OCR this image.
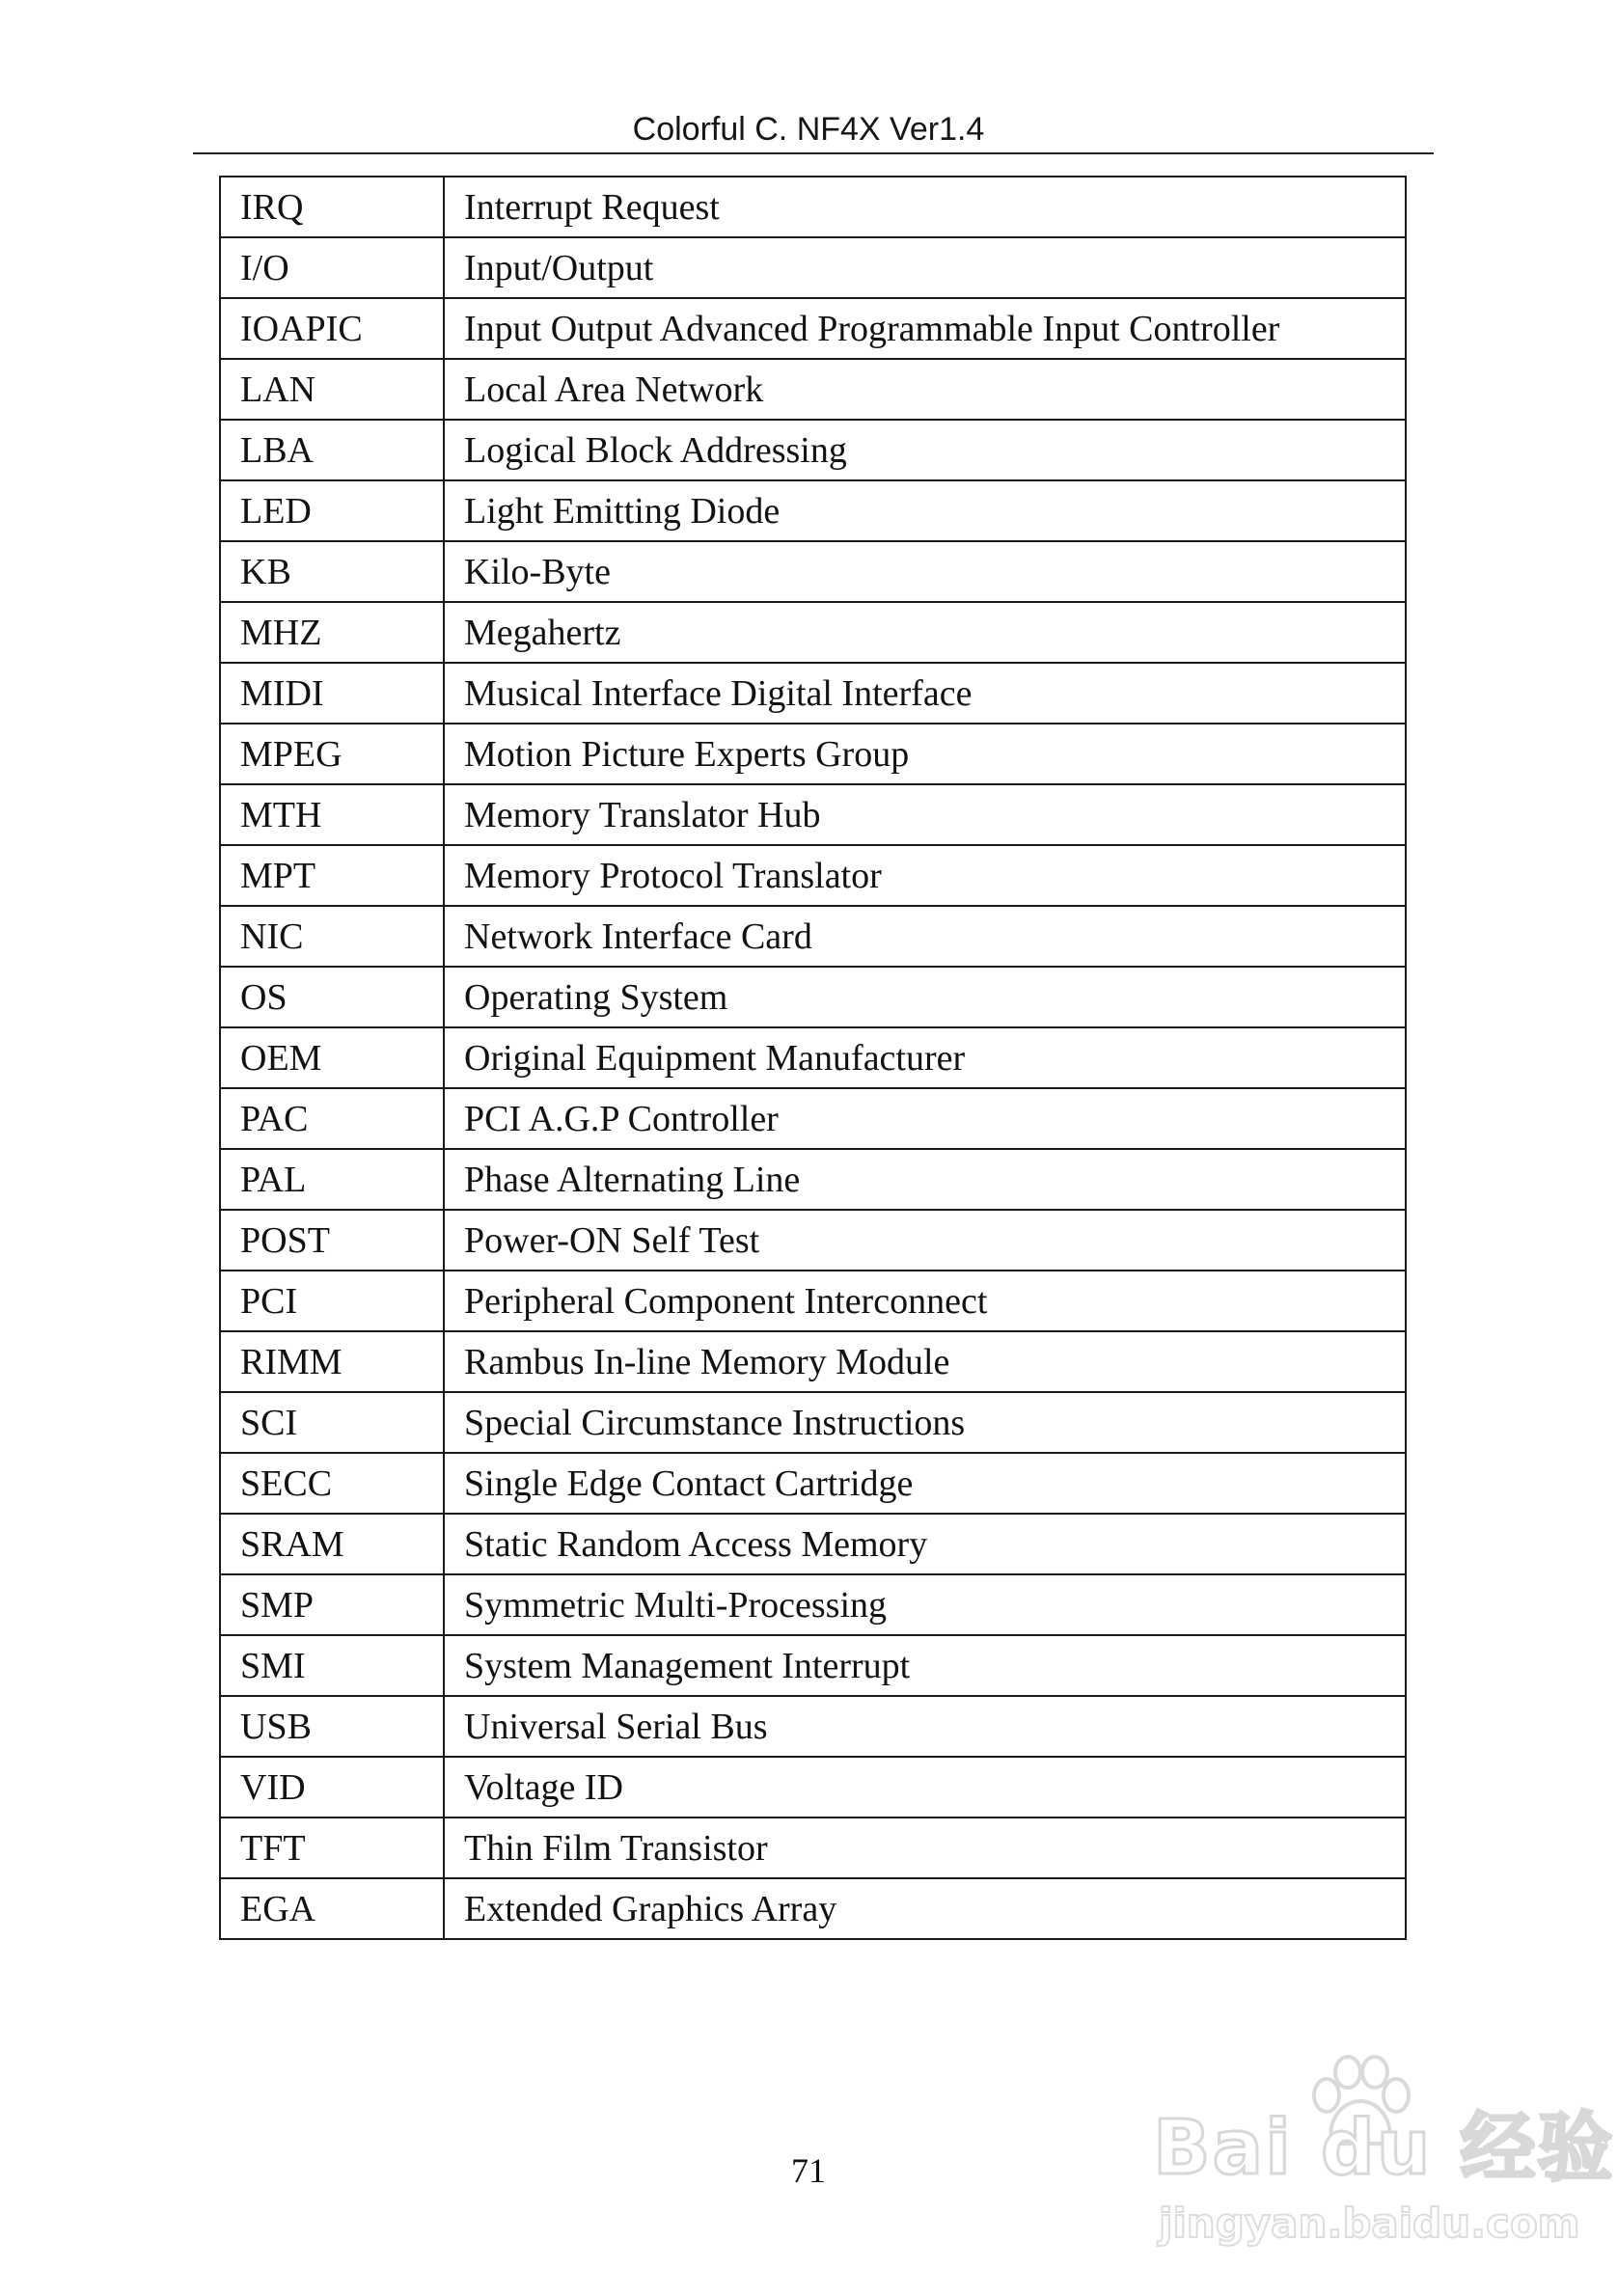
Colorful C. NF4X Ver1.4
IRQ	Interrupt Request
I/O	Input/Output
IOAPIC	Input Output Advanced Programmable Input Controller
LAN	Local Area Network
LBA	Logical Block Addressing
LED	Light Emitting Diode
KB	Kilo-Byte
MHZ	Megahertz
MIDI	Musical Interface Digital Interface
MPEG	Motion Picture Experts Group
MTH	Memory Translator Hub
MPT	Memory Protocol Translator
NIC	Network Interface Card
OS	Operating System
OEM	Original Equipment Manufacturer
PAC	PCI A.G.P Controller
PAL	Phase Alternating Line
POST	Power-ON Self Test
PCI	Peripheral Component Interconnect
RIMM	Rambus In-line Memory Module
SCI	Special Circumstance Instructions
SECC	Single Edge Contact Cartridge
SRAM	Static Random Access Memory
SMP	Symmetric Multi-Processing
SMI	System Management Interrupt
USB	Universal Serial Bus
VID	Voltage ID
TFT	Thin Film Transistor
EGA	Extended Graphics Array
71	Bai du 经验
jingyan.baidu.com
